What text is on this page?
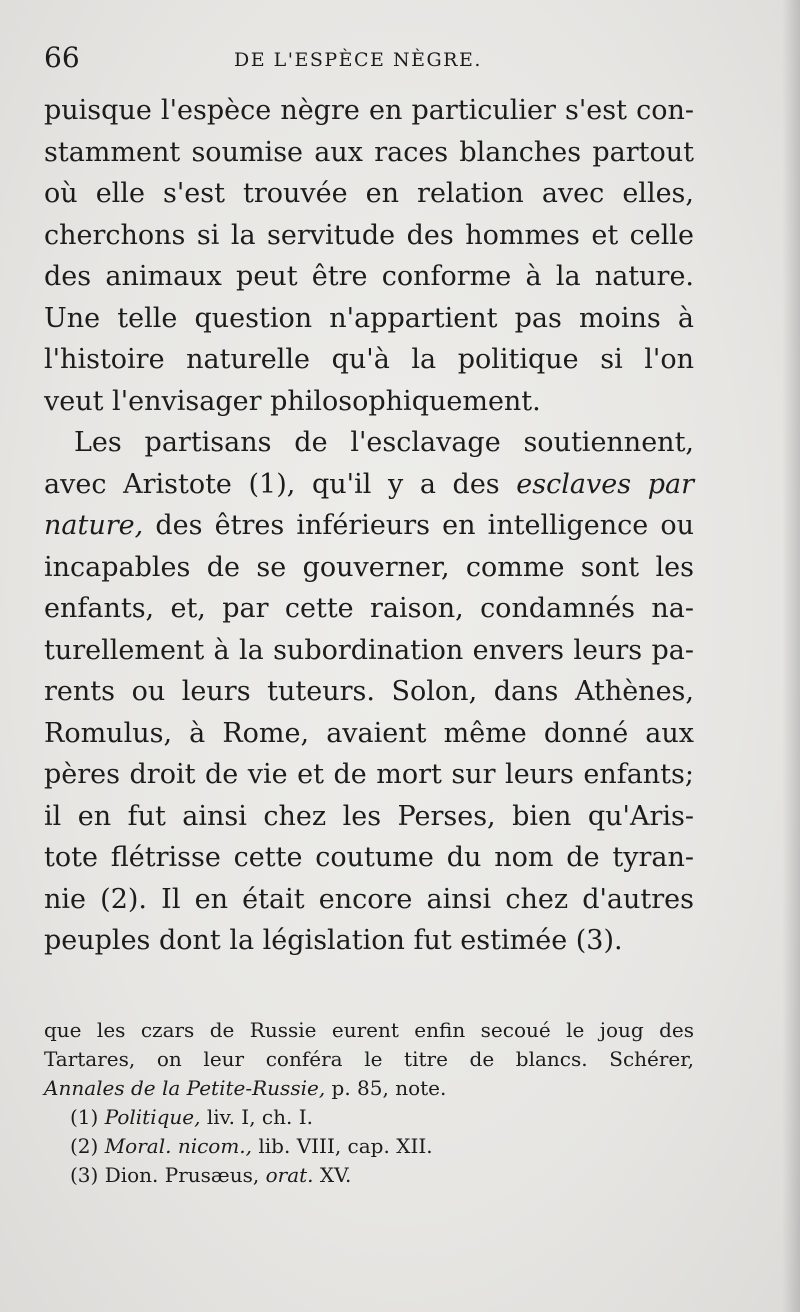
66	DE L'ESPÈCE NÈGRE.
puisque l'espèce nègre en particulier s'est con-
stamment soumise aux races blanches partout
où elle s'est trouvée en relation avec elles,
cherchons si la servitude des hommes et celle
des animaux peut être conforme à la nature.
Une telle question n'appartient pas moins à
l'histoire naturelle qu'à la politique si l'on
veut l'envisager philosophiquement.
Les partisans de l'esclavage soutiennent,
avec Aristote (1), qu'il y a des esclaves par
nature, des êtres inférieurs en intelligence ou
incapables de se gouverner, comme sont les
enfants, et, par cette raison, condamnés na-
turellement à la subordination envers leurs pa-
rents ou leurs tuteurs. Solon, dans Athènes,
Romulus, à Rome, avaient même donné aux
pères droit de vie et de mort sur leurs enfants;
il en fut ainsi chez les Perses, bien qu'Aris-
tote flétrisse cette coutume du nom de tyran-
nie (2). Il en était encore ainsi chez d'autres
peuples dont la législation fut estimée (3).
que les czars de Russie eurent enfin secoué le joug des
Tartares, on leur conféra le titre de blancs. Schérer,
Annales de la Petite-Russie, p. 85, note.
(1) Politique, liv. I, ch. I.
(2) Moral. nicom., lib. VIII, cap. XII.
(3) Dion. Prusæus, orat. XV.
